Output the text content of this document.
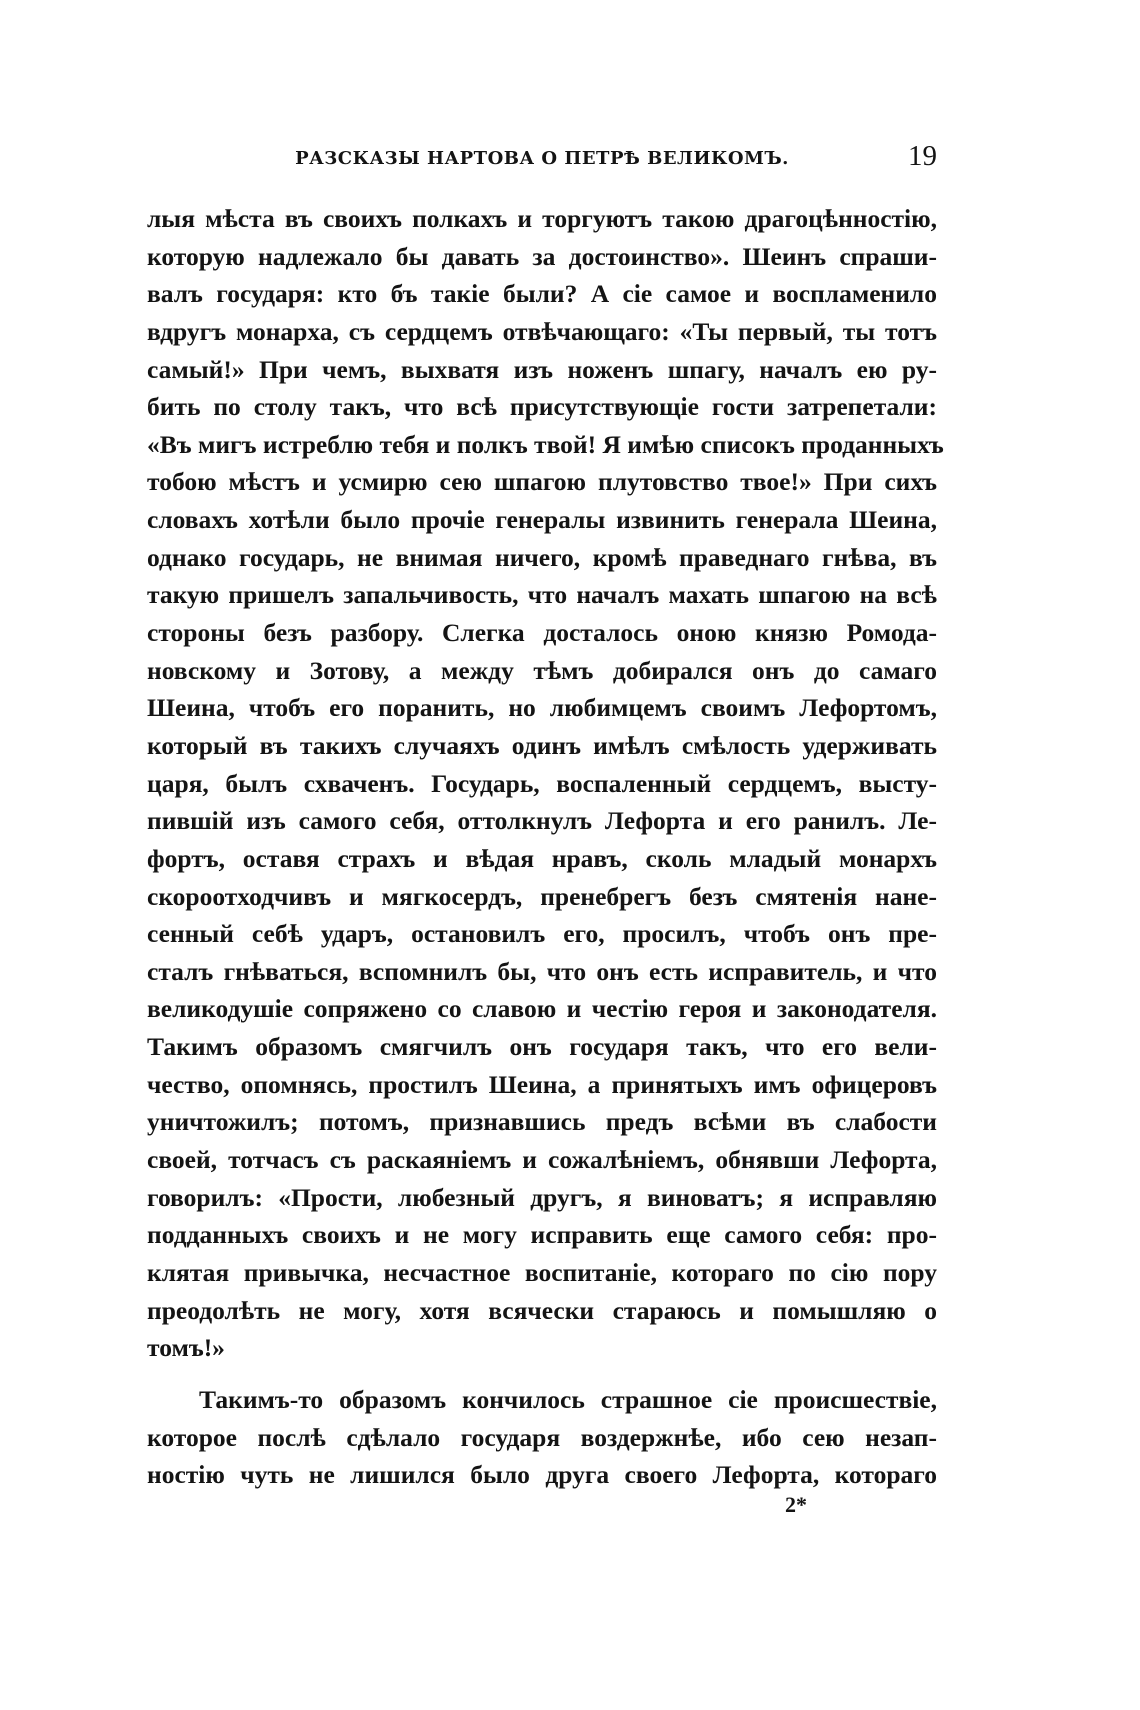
РАЗСКАЗЫ НАРТОВА О ПЕТРѢ ВЕЛИКОМЪ.	19
лыя мѣста въ своихъ полкахъ и торгуютъ такою драгоцѣнностію,
которую надлежало бы давать за достоинство». Шеинъ спраши-
валъ государя: кто бъ такіе были? А сіе самое и воспламенило
вдругъ монарха, съ сердцемъ отвѣчающаго: «Ты первый, ты тотъ
самый!» При чемъ, выхватя изъ ноженъ шпагу, началъ ею ру-
бить по столу такъ, что всѣ присутствующіе гости затрепетали:
«Въ мигъ истреблю тебя и полкъ твой! Я имѣю списокъ проданныхъ
тобою мѣстъ и усмирю сею шпагою плутовство твое!» При сихъ
словахъ хотѣли было прочіе генералы извинить генерала Шеина,
однако государь, не внимая ничего, кромѣ праведнаго гнѣва, въ
такую пришелъ запальчивость, что началъ махать шпагою на всѣ
стороны безъ разбору. Слегка досталось оною князю Ромода-
новскому и Зотову, а между тѣмъ добирался онъ до самаго
Шеина, чтобъ его поранить, но любимцемъ своимъ Лефортомъ,
который въ такихъ случаяхъ одинъ имѣлъ смѣлость удерживать
царя, былъ схваченъ. Государь, воспаленный сердцемъ, высту-
пившій изъ самого себя, оттолкнулъ Лефорта и его ранилъ. Ле-
фортъ, оставя страхъ и вѣдая нравъ, сколь младый монархъ
скороотходчивъ и мягкосердъ, пренебрегъ безъ смятенія нане-
сенный себѣ ударъ, остановилъ его, просилъ, чтобъ онъ пре-
сталъ гнѣваться, вспомнилъ бы, что онъ есть исправитель, и что
великодушіе сопряжено со славою и честію героя и законодателя.
Такимъ образомъ смягчилъ онъ государя такъ, что его вели-
чество, опомнясь, простилъ Шеина, а принятыхъ имъ офицеровъ
уничтожилъ; потомъ, признавшись предъ всѣми въ слабости
своей, тотчасъ съ раскаяніемъ и сожалѣніемъ, обнявши Лефорта,
говорилъ: «Прости, любезный другъ, я виноватъ; я исправляю
подданныхъ своихъ и не могу исправить еще самого себя: про-
клятая привычка, несчастное воспитаніе, котораго по сію пору
преодолѣть не могу, хотя всячески стараюсь и помышляю о
томъ!»
Такимъ-то образомъ кончилось страшное сіе происшествіе,
которое послѣ сдѣлало государя воздержнѣе, ибо сею незап-
ностію чуть не лишился было друга своего Лефорта, котораго
2*
